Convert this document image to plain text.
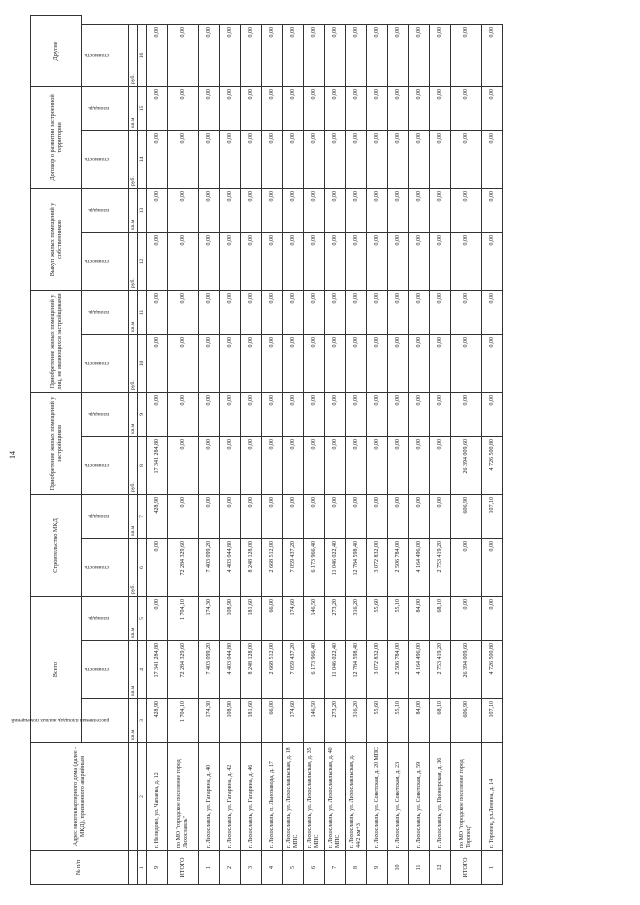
14
№ п/п	Адрес многоквартирного дома (далее - МКД), признанного аварийным	Всего			Строительство МКД		Приобретение жилых помещений у застройщиков		Приобретение жилых помещений у лиц, не являющихся застройщиками		Выкуп жилых помещений у собственников		Договор о развитии застроенной территории		Другие

		расселяемая площадь жилых помещений	стоимость	площадь	стоимость	площадь	стоимость	площадь	стоимость	площадь	стоимость	площадь	стоимость	площадь	стоимость

		кв.м	кв.м	кв.м	руб.	кв.м	руб.	кв.м	руб.	кв.м	руб.	кв.м	руб.	кв.м	руб.
1	2	3	4	5	6	7	8	9	10	11	12	13	14	15	16
9	г. Нелидово, ул. Чапаева, д. 12	428,90	17 341 284,80	0,00	0,00	428,90	17 341 284,80	0,00	0,00	0,00	0,00	0,00	0,00	0,00	0,00
ИТОГО	по МО "городское поселение город Лихославль"	1 704,10	72 284 329,60	1 704,10	72 284 329,60	0,00	0,00	0,00	0,00	0,00	0,00	0,00	0,00	0,00	0,00
1	г. Лихославль, ул. Гагарина, д. 40	174,30	7 403 099,20	174,30	7 403 099,20	0,00	0,00	0,00	0,00	0,00	0,00	0,00	0,00	0,00	0,00
2	г. Лихославль, ул. Гагарина, д. 42	108,90	4 403 044,80	108,90	4 403 044,80	0,00	0,00	0,00	0,00	0,00	0,00	0,00	0,00	0,00	0,00
3	г. Лихославль, ул. Гагарина, д. 46	181,60	8 248 128,00	181,60	8 248 128,00	0,00	0,00	0,00	0,00	0,00	0,00	0,00	0,00	0,00	0,00
4	г. Лихославль, п. Льнозавода, д. 17	66,00	2 668 512,00	66,00	2 668 512,00	0,00	0,00	0,00	0,00	0,00	0,00	0,00	0,00	0,00	0,00
5	г. Лихославль, ул. Лихославльская, д. 18 МПС	174,60	7 059 437,20	174,60	7 059 437,20	0,00	0,00	0,00	0,00	0,00	0,00	0,00	0,00	0,00	0,00
6	г. Лихославль, ул. Лихославльская, д. 35 МПС	146,50	6 173 966,40	146,50	6 173 966,40	0,00	0,00	0,00	0,00	0,00	0,00	0,00	0,00	0,00	0,00
7	г. Лихославль, ул. Лихославльская, д. 40 МПС	273,20	11 046 022,40	273,20	11 046 022,40	0,00	0,00	0,00	0,00	0,00	0,00	0,00	0,00	0,00	0,00
8	г. Лихославль, ул. Лихославльская, д. 44/2 км+3	316,20	12 784 598,40	316,20	12 784 598,40	0,00	0,00	0,00	0,00	0,00	0,00	0,00	0,00	0,00	0,00
9	г. Лихославль, ул. Советская, д. 20 МПС	55,60	3 072 832,00	55,60	3 072 832,00	0,00	0,00	0,00	0,00	0,00	0,00	0,00	0,00	0,00	0,00
10	г. Лихославль, ул. Советская, д. 23	55,10	2 506 784,00	55,10	2 506 784,00	0,00	0,00	0,00	0,00	0,00	0,00	0,00	0,00	0,00	0,00
11	г. Лихославль, ул. Советская, д. 59	84,00	4 164 496,00	84,00	4 164 496,00	0,00	0,00	0,00	0,00	0,00	0,00	0,00	0,00	0,00	0,00
12	г. Лихославль, ул. Пионерская, д. 36	68,10	2 753 419,20	68,10	2 753 419,20	0,00	0,00	0,00	0,00	0,00	0,00	0,00	0,00	0,00	0,00
ИТОГО	по МО "городское поселение город Торопец"	606,90	26 394 009,60	0,00	0,00	606,90	26 394 009,60	0,00	0,00	0,00	0,00	0,00	0,00	0,00	0,00
1	г. Торопец, ул.Ленина, д. 14	107,10	4 726 500,80	0,00	0,00	107,10	4 726 500,80	0,00	0,00	0,00	0,00	0,00	0,00	0,00	0,00
